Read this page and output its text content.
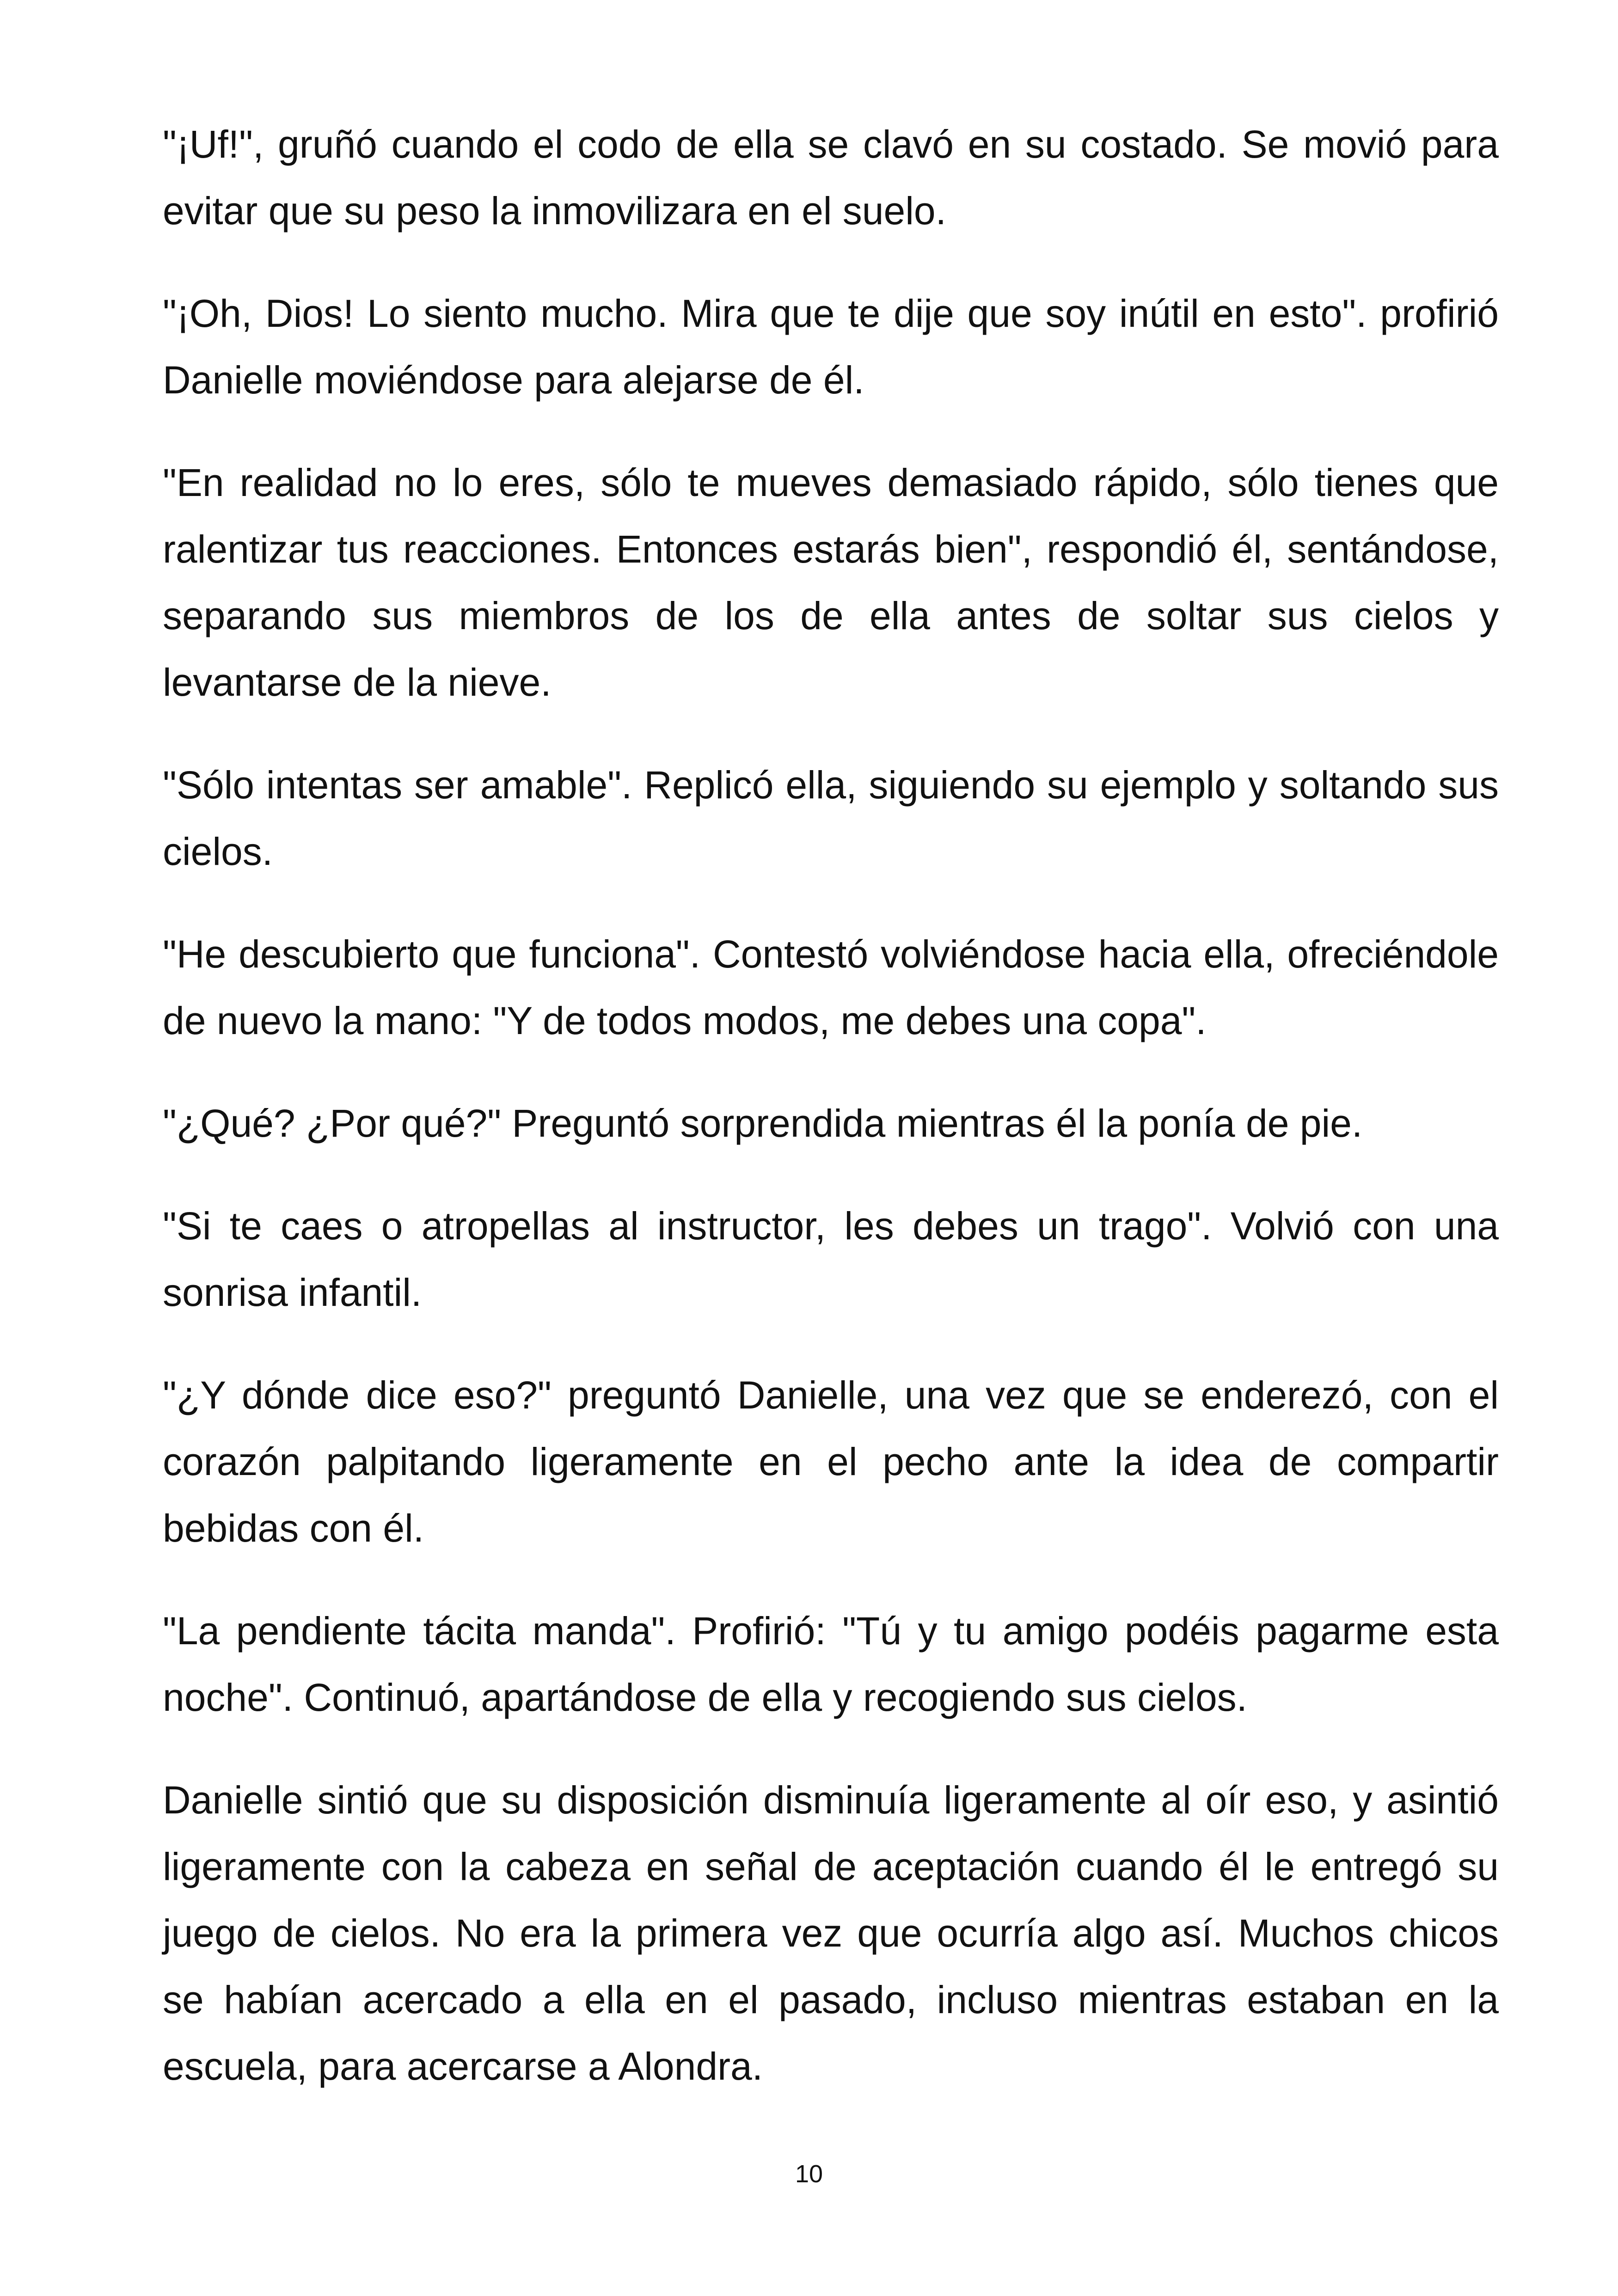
"¡Uf!", gruñó cuando el codo de ella se clavó en su costado. Se movió para evitar que su peso la inmovilizara en el suelo.

"¡Oh, Dios! Lo siento mucho. Mira que te dije que soy inútil en esto". profirió Danielle moviéndose para alejarse de él.

"En realidad no lo eres, sólo te mueves demasiado rápido, sólo tienes que ralentizar tus reacciones. Entonces estarás bien", respondió él, sentándose, separando sus miembros de los de ella antes de soltar sus cielos y levantarse de la nieve.

"Sólo intentas ser amable". Replicó ella, siguiendo su ejemplo y soltando sus cielos.

"He descubierto que funciona". Contestó volviéndose hacia ella, ofreciéndole de nuevo la mano: "Y de todos modos, me debes una copa".

"¿Qué? ¿Por qué?" Preguntó sorprendida mientras él la ponía de pie.

"Si te caes o atropellas al instructor, les debes un trago". Volvió con una sonrisa infantil.

"¿Y dónde dice eso?" preguntó Danielle, una vez que se enderezó, con el corazón palpitando ligeramente en el pecho ante la idea de compartir bebidas con él.

"La pendiente tácita manda". Profirió: "Tú y tu amigo podéis pagarme esta noche". Continuó, apartándose de ella y recogiendo sus cielos.

Danielle sintió que su disposición disminuía ligeramente al oír eso, y asintió ligeramente con la cabeza en señal de aceptación cuando él le entregó su juego de cielos. No era la primera vez que ocurría algo así. Muchos chicos se habían acercado a ella en el pasado, incluso mientras estaban en la escuela, para acercarse a Alondra.

10
